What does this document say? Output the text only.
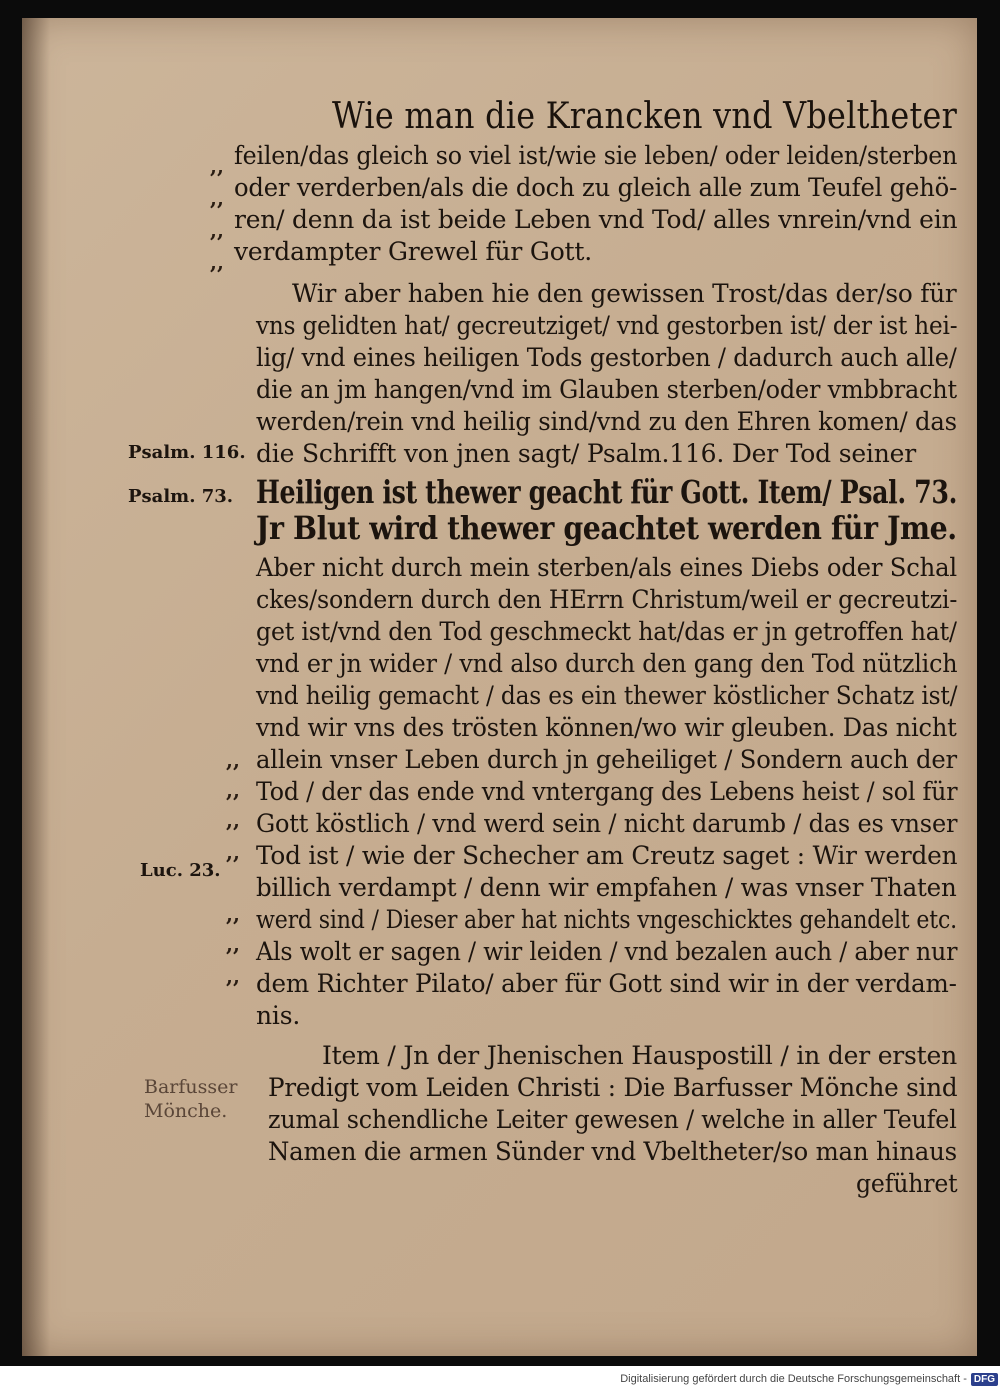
Wie man die Krancken vnd Vbeltheter
,,
,,
,,
,,
,,
,,
,,
,,
,,
,,
,,
Psalm. 116.
Psalm. 73.
Luc. 23.
Barfusser
Mönche.
feilen/das gleich so viel ist/wie sie leben/ oder leiden/sterben
oder verderben/als die doch zu gleich alle zum Teufel gehö-
ren/ denn da ist beide Leben vnd Tod/ alles vnrein/vnd ein
verdampter Grewel für Gott.
Wir aber haben hie den gewissen Trost/das der/so für
vns gelidten hat/ gecreutziget/ vnd gestorben ist/ der ist hei-
lig/ vnd eines heiligen Tods gestorben / dadurch auch alle/
die an jm hangen/vnd im Glauben sterben/oder vmbbracht
werden/rein vnd heilig sind/vnd zu den Ehren komen/ das
die Schrifft von jnen sagt/ Psalm.116. Der Tod seiner
Heiligen ist thewer geacht für Gott. Item/ Psal. 73.
Jr Blut wird thewer geachtet werden für Jme.
Aber nicht durch mein sterben/als eines Diebs oder Schal
ckes/sondern durch den HErrn Christum/weil er gecreutzi-
get ist/vnd den Tod geschmeckt hat/das er jn getroffen hat/
vnd er jn wider / vnd also durch den gang den Tod nützlich
vnd heilig gemacht / das es ein thewer köstlicher Schatz ist/
vnd wir vns des trösten können/wo wir gleuben. Das nicht
allein vnser Leben durch jn geheiliget / Sondern auch der
Tod / der das ende vnd vntergang des Lebens heist / sol für
Gott köstlich / vnd werd sein / nicht darumb / das es vnser
Tod ist / wie der Schecher am Creutz saget : Wir werden
billich verdampt / denn wir empfahen / was vnser Thaten
werd sind / Dieser aber hat nichts vngeschicktes gehandelt etc.
Als wolt er sagen / wir leiden / vnd bezalen auch / aber nur
dem Richter Pilato/ aber für Gott sind wir in der verdam-
nis.
Item / Jn der Jhenischen Hauspostill / in der ersten
Predigt vom Leiden Christi : Die Barfusser Mönche sind
zumal schendliche Leiter gewesen / welche in aller Teufel
Namen die armen Sünder vnd Vbeltheter/so man hinaus
geführet
Digitalisierung gefördert durch die Deutsche Forschungsgemeinschaft - DFG
